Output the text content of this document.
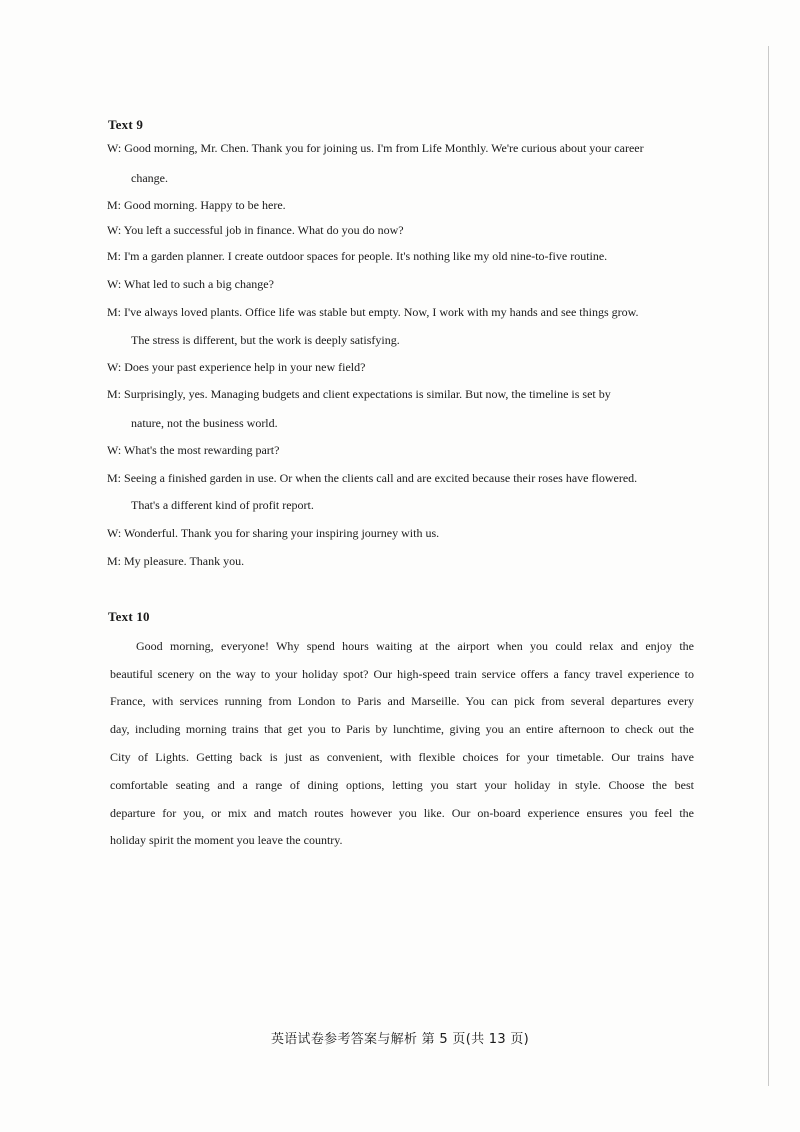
Text 9
W: Good morning, Mr. Chen. Thank you for joining us. I'm from Life Monthly. We're curious about your career
change.
M: Good morning. Happy to be here.
W: You left a successful job in finance. What do you do now?
M: I'm a garden planner. I create outdoor spaces for people. It's nothing like my old nine-to-five routine.
W: What led to such a big change?
M: I've always loved plants. Office life was stable but empty. Now, I work with my hands and see things grow.
The stress is different, but the work is deeply satisfying.
W: Does your past experience help in your new field?
M: Surprisingly, yes. Managing budgets and client expectations is similar. But now, the timeline is set by
nature, not the business world.
W: What's the most rewarding part?
M: Seeing a finished garden in use. Or when the clients call and are excited because their roses have flowered.
That's a different kind of profit report.
W: Wonderful. Thank you for sharing your inspiring journey with us.
M: My pleasure. Thank you.
Text 10
Good morning, everyone! Why spend hours waiting at the airport when you could relax and enjoy the
beautiful scenery on the way to your holiday spot? Our high-speed train service offers a fancy travel experience to
France, with services running from London to Paris and Marseille. You can pick from several departures every
day, including morning trains that get you to Paris by lunchtime, giving you an entire afternoon to check out the
City of Lights. Getting back is just as convenient, with flexible choices for your timetable. Our trains have
comfortable seating and a range of dining options, letting you start your holiday in style. Choose the best
departure for you, or mix and match routes however you like. Our on-board experience ensures you feel the
holiday spirit the moment you leave the country.
英语试卷参考答案与解析 第 5 页(共 13 页)
